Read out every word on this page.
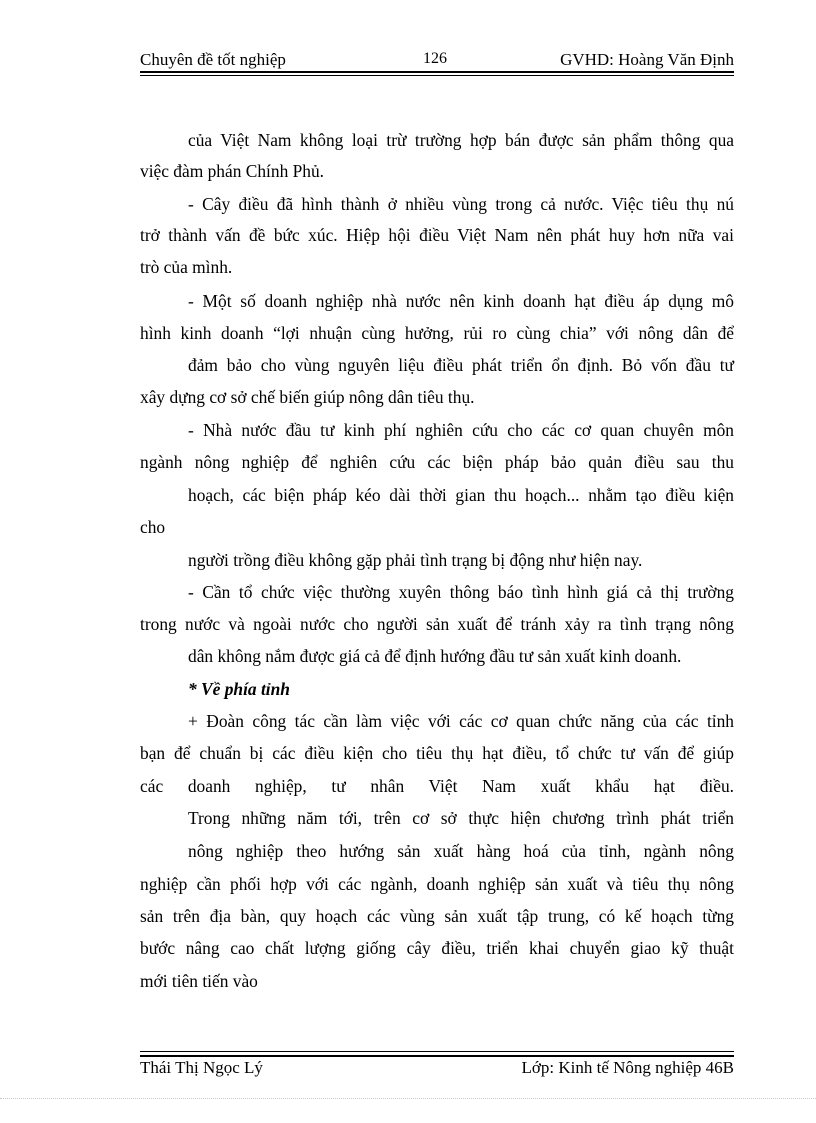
Chuyên đề tốt nghiệp	126	GVHD: Hoàng Văn Định
của Việt Nam không loại trừ trường hợp bán được sản phẩm thông qua
việc đàm phán Chính Phủ.
- Cây điều đã hình thành ở nhiều vùng trong cả nước. Việc tiêu thụ nú
trở thành vấn đề bức xúc. Hiệp hội điều Việt Nam nên phát huy hơn nữa vai
trò của mình.
- Một số doanh nghiệp nhà nước nên kinh doanh hạt điều áp dụng mô
hình kinh doanh “lợi nhuận cùng hưởng, rủi ro cùng chia” với nông dân để
đảm bảo cho vùng nguyên liệu điều phát triển ổn định. Bỏ vốn đầu tư
xây dựng cơ sở chế biến giúp nông dân tiêu thụ.
- Nhà nước đầu tư kinh phí nghiên cứu cho các cơ quan chuyên môn
ngành nông nghiệp để nghiên cứu các biện pháp bảo quản điều sau thu
hoạch, các biện pháp kéo dài thời gian thu hoạch... nhằm tạo điều kiện
cho
người trồng điều không gặp phải tình trạng bị động như hiện nay.
- Cần tổ chức việc thường xuyên thông báo tình hình giá cả thị trường
trong nước và ngoài nước cho người sản xuất để tránh xảy ra tình trạng nông
dân không nắm được giá cả để định hướng đầu tư sản xuất kinh doanh.
* Về phía tỉnh
+ Đoàn công tác cần làm việc với các cơ quan chức năng của các tỉnh
bạn để chuẩn bị các điều kiện cho tiêu thụ hạt điều, tổ chức tư vấn để giúp
các doanh nghiệp, tư nhân Việt Nam xuất khẩu hạt điều.
Trong những năm tới, trên cơ sở thực hiện chương trình phát triển
nông nghiệp theo hướng sản xuất hàng hoá của tỉnh, ngành nông
nghiệp cần phối hợp với các ngành, doanh nghiệp sản xuất và tiêu thụ nông
sản trên địa bàn, quy hoạch các vùng sản xuất tập trung, có kế hoạch từng
bước nâng cao chất lượng giống cây điều, triển khai chuyển giao kỹ thuật
mới tiên tiến vào
Thái Thị Ngọc Lý	Lớp: Kinh tế Nông nghiệp 46B
